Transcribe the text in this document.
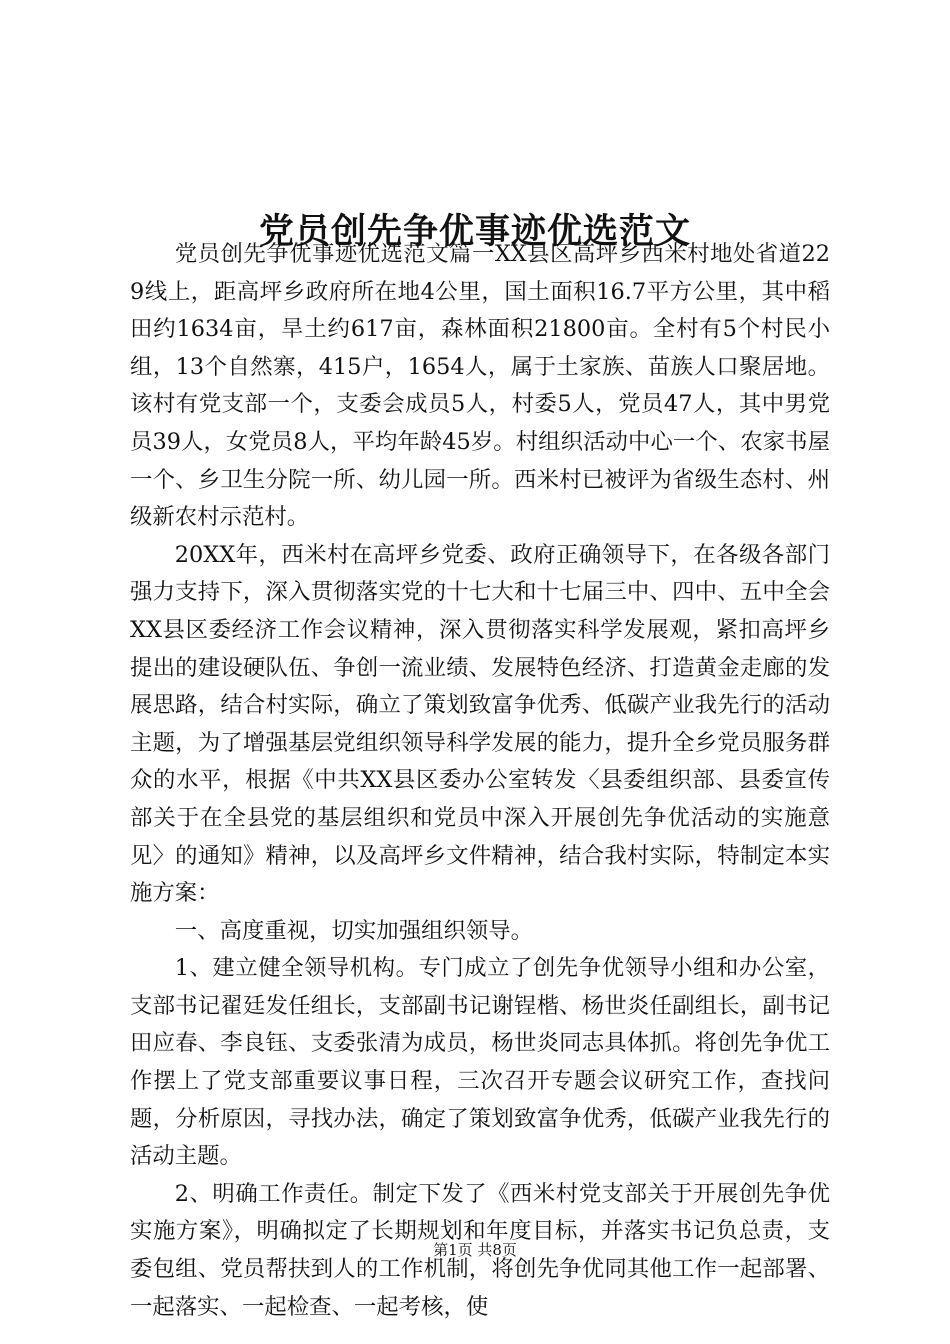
党员创先争优事迹优选范文

党员创先争优事迹优选范文篇一XX县区高坪乡西米村地处省道229线上，距高坪乡政府所在地4公里，国土面积16.7平方公里，其中稻田约1634亩，旱土约617亩，森林面积21800亩。全村有5个村民小组，13个自然寨，415户，1654人，属于土家族、苗族人口聚居地。该村有党支部一个，支委会成员5人，村委5人，党员47人，其中男党员39人，女党员8人，平均年龄45岁。村组织活动中心一个、农家书屋一个、乡卫生分院一所、幼儿园一所。西米村已被评为省级生态村、州级新农村示范村。

20XX年，西米村在高坪乡党委、政府正确领导下，在各级各部门强力支持下，深入贯彻落实党的十七大和十七届三中、四中、五中全会XX县区委经济工作会议精神，深入贯彻落实科学发展观，紧扣高坪乡提出的建设硬队伍、争创一流业绩、发展特色经济、打造黄金走廊的发展思路，结合村实际，确立了策划致富争优秀、低碳产业我先行的活动主题，为了增强基层党组织领导科学发展的能力，提升全乡党员服务群众的水平，根据《中共XX县区委办公室转发〈县委组织部、县委宣传部关于在全县党的基层组织和党员中深入开展创先争优活动的实施意见〉的通知》精神，以及高坪乡文件精神，结合我村实际，特制定本实施方案：

一、高度重视，切实加强组织领导。

1、建立健全领导机构。专门成立了创先争优领导小组和办公室，支部书记翟廷发任组长，支部副书记谢锃楷、杨世炎任副组长，副书记田应春、李良钰、支委张清为成员，杨世炎同志具体抓。将创先争优工作摆上了党支部重要议事日程，三次召开专题会议研究工作，查找问题，分析原因，寻找办法，确定了策划致富争优秀，低碳产业我先行的活动主题。

2、明确工作责任。制定下发了《西米村党支部关于开展创先争优实施方案》，明确拟定了长期规划和年度目标，并落实书记负总责，支委包组、党员帮扶到人的工作机制，将创先争优同其他工作一起部署、一起落实、一起检查、一起考核，使

第1页 共8页
